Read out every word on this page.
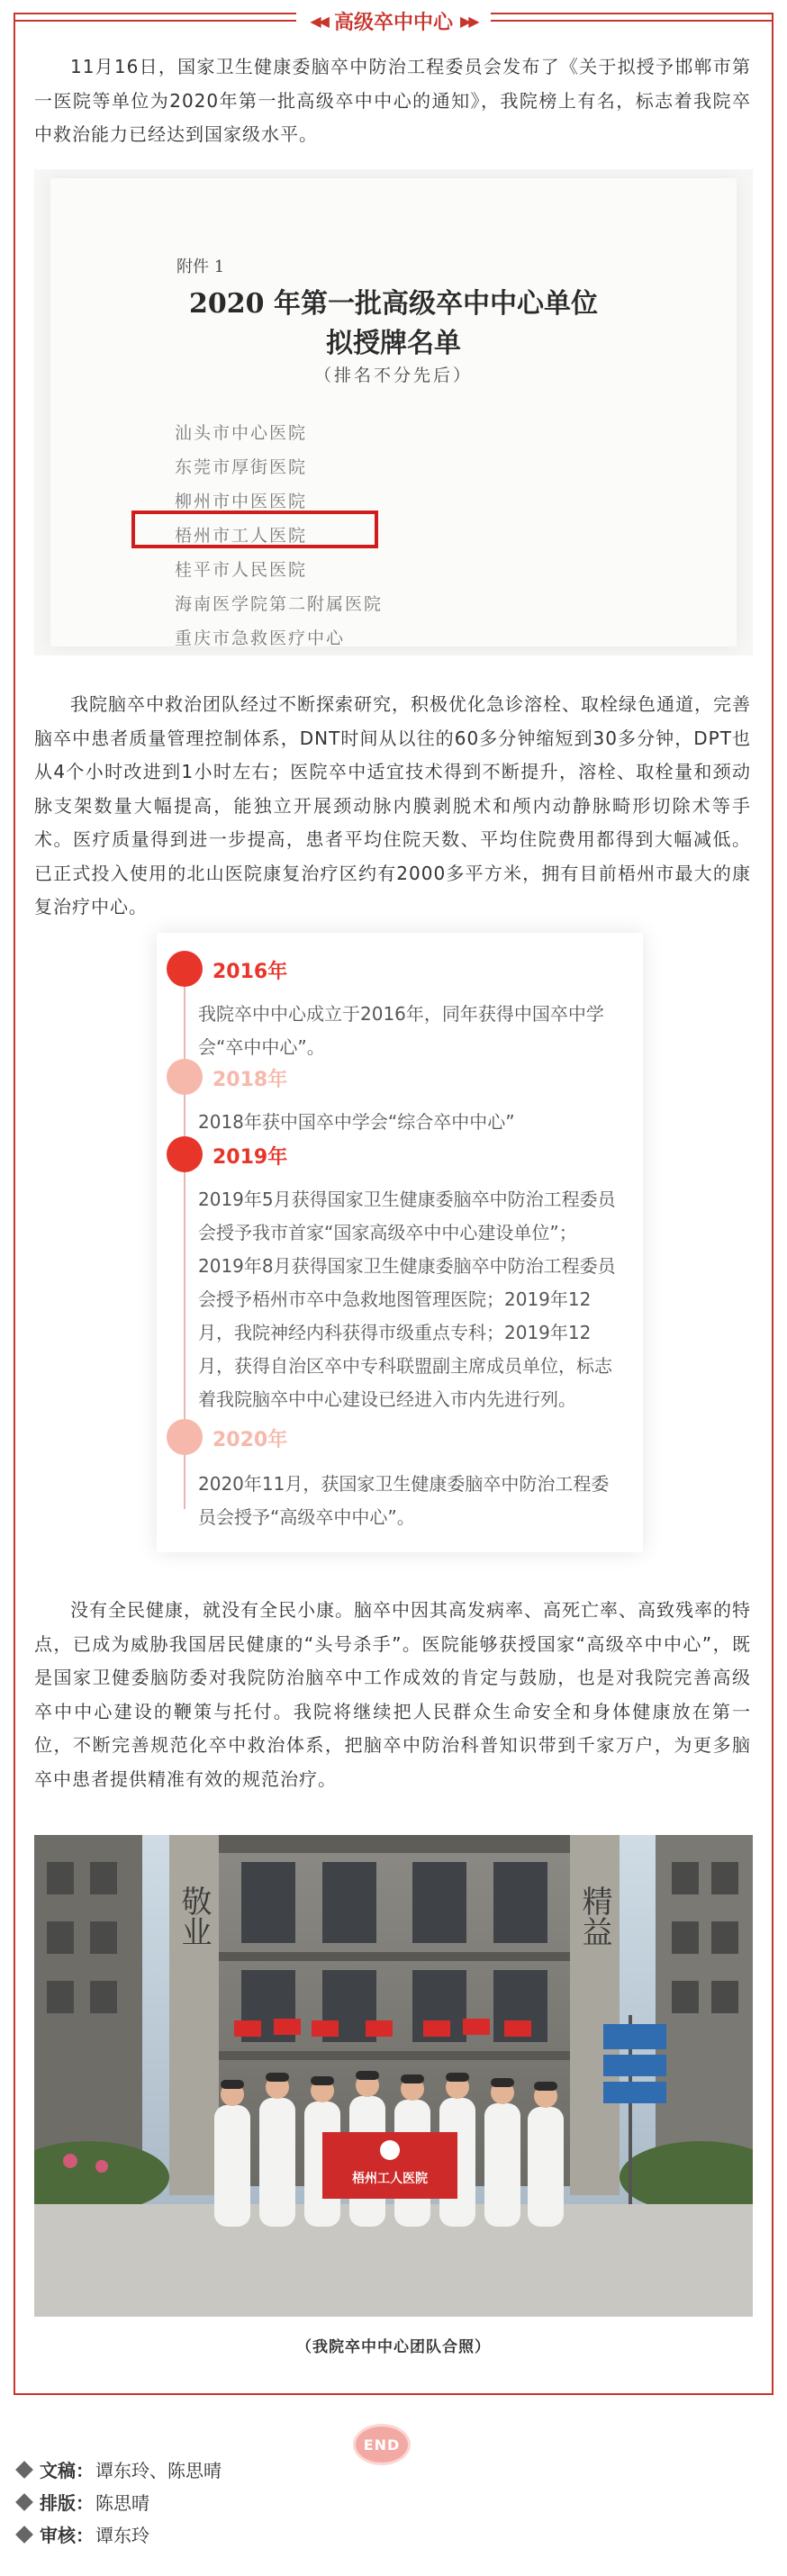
◀◀ 高级卒中中心 ▶▶

11月16日，国家卫生健康委脑卒中防治工程委员会发布了《关于拟授予邯郸市第一医院等单位为2020年第一批高级卒中中心的通知》，我院榜上有名，标志着我院卒中救治能力已经达到国家级水平。

附件 1
2020 年第一批高级卒中中心单位
拟授牌名单
（排名不分先后）
汕头市中心医院
东莞市厚街医院
柳州市中医医院
梧州市工人医院
桂平市人民医院
海南医学院第二附属医院
重庆市急救医疗中心

我院脑卒中救治团队经过不断探索研究，积极优化急诊溶栓、取栓绿色通道，完善脑卒中患者质量管理控制体系，DNT时间从以往的60多分钟缩短到30多分钟，DPT也从4个小时改进到1小时左右；医院卒中适宜技术得到不断提升，溶栓、取栓量和颈动脉支架数量大幅提高，能独立开展颈动脉内膜剥脱术和颅内动静脉畸形切除术等手术。医疗质量得到进一步提高，患者平均住院天数、平均住院费用都得到大幅减低。已正式投入使用的北山医院康复治疗区约有2000多平方米，拥有目前梧州市最大的康复治疗中心。

2016年
我院卒中中心成立于2016年，同年获得中国卒中学会“卒中中心”。
2018年
2018年获中国卒中学会“综合卒中中心”
2019年
2019年5月获得国家卫生健康委脑卒中防治工程委员会授予我市首家“国家高级卒中中心建设单位”；2019年8月获得国家卫生健康委脑卒中防治工程委员会授予梧州市卒中急救地图管理医院；2019年12月，我院神经内科获得市级重点专科；2019年12月，获得自治区卒中专科联盟副主席成员单位，标志着我院脑卒中中心建设已经进入市内先进行列。
2020年
2020年11月，获国家卫生健康委脑卒中防治工程委员会授予“高级卒中中心”。

没有全民健康，就没有全民小康。脑卒中因其高发病率、高死亡率、高致残率的特点，已成为威胁我国居民健康的“头号杀手”。医院能够获授国家“高级卒中中心”，既是国家卫健委脑防委对我院防治脑卒中工作成效的肯定与鼓励，也是对我院完善高级卒中中心建设的鞭策与托付。我院将继续把人民群众生命安全和身体健康放在第一位，不断完善规范化卒中救治体系，把脑卒中防治科普知识带到千家万户，为更多脑卒中患者提供精准有效的规范治疗。

敬业	精益
梧州工人医院
（我院卒中中心团队合照）
END
文稿： 谭东玲、陈思晴
排版： 陈思晴
审核： 谭东玲
